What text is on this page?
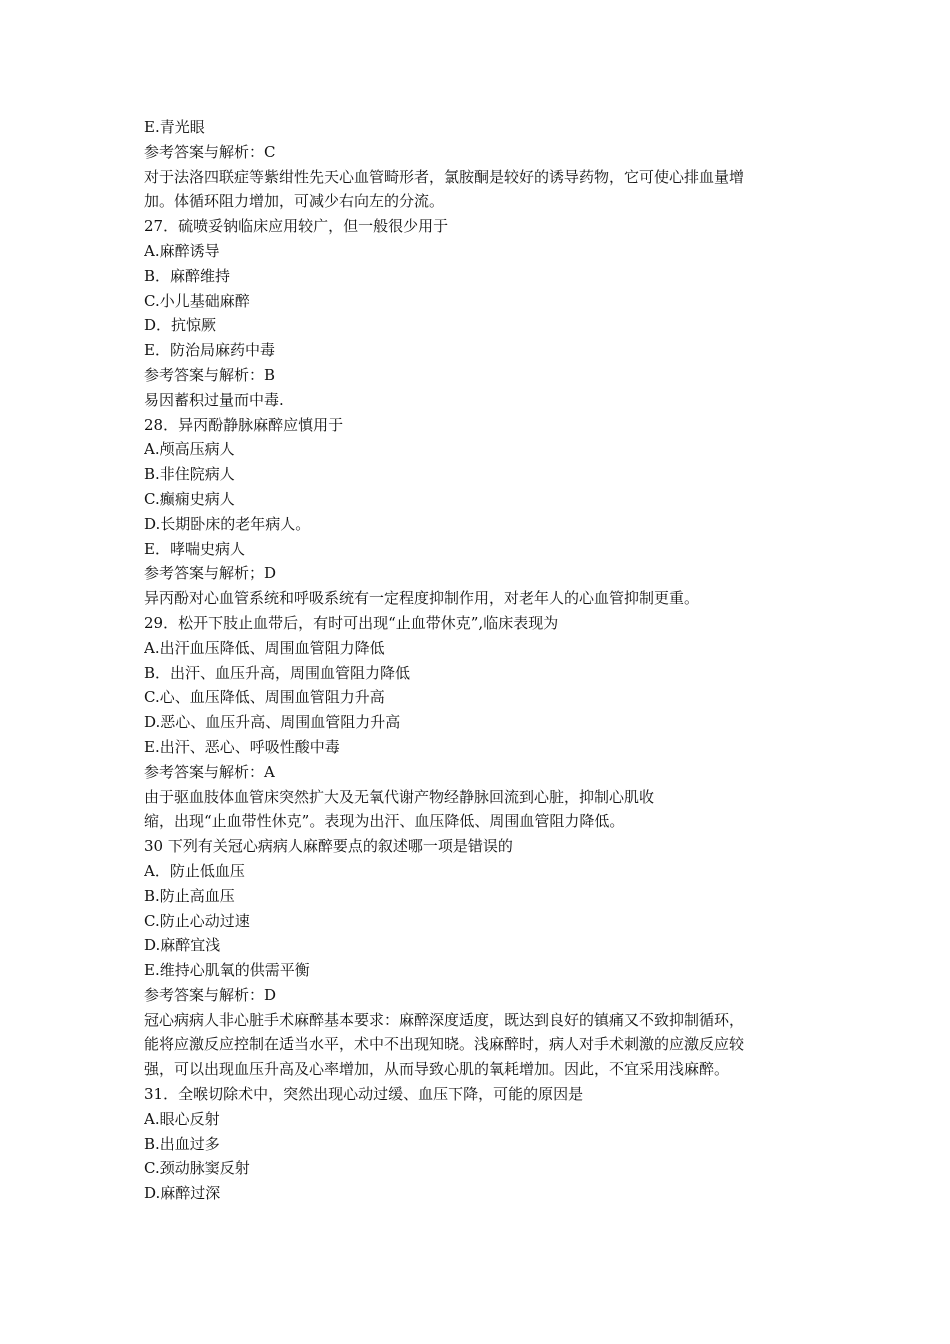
E.青光眼
参考答案与解析：C
对于法洛四联症等紫绀性先天心血管畸形者，氯胺酮是较好的诱导药物，它可使心排血量增
加。体循环阻力增加，可减少右向左的分流。
27．硫喷妥钠临床应用较广，但一般很少用于
A.麻醉诱导
B．麻醉维持
C.小儿基础麻醉
D．抗惊厥
E．防治局麻药中毒
参考答案与解析：B
易因蓄积过量而中毒.
28．异丙酚静脉麻醉应慎用于
A.颅高压病人
B.非住院病人
C.癫痫史病人
D.长期卧床的老年病人。
E．哮喘史病人
参考答案与解析；D
异丙酚对心血管系统和呼吸系统有一定程度抑制作用，对老年人的心血管抑制更重。
29．松开下肢止血带后，有时可出现“止血带休克”,临床表现为
A.出汗血压降低、周围血管阻力降低
B．出汗、血压升高，周围血管阻力降低
C.心、血压降低、周围血管阻力升高
D.恶心、血压升高、周围血管阻力升高
E.出汗、恶心、呼吸性酸中毒
参考答案与解析：A
由于驱血肢体血管床突然扩大及无氧代谢产物经静脉回流到心脏，抑制心肌收
缩，出现“止血带性休克”。表现为出汗、血压降低、周围血管阻力降低。
30 下列有关冠心病病人麻醉要点的叙述哪一项是错误的
A．防止低血压
B.防止高血压
C.防止心动过速
D.麻醉宜浅
E.维持心肌氧的供需平衡
参考答案与解析：D
冠心病病人非心脏手术麻醉基本要求：麻醉深度适度，既达到良好的镇痛又不致抑制循环，
能将应激反应控制在适当水平，术中不出现知晓。浅麻醉时，病人对手术刺激的应激反应较
强，可以出现血压升高及心率增加，从而导致心肌的氧耗增加。因此，不宜采用浅麻醉。
31．全喉切除术中，突然出现心动过缓、血压下降，可能的原因是
A.眼心反射
B.出血过多
C.颈动脉窦反射
D.麻醉过深
